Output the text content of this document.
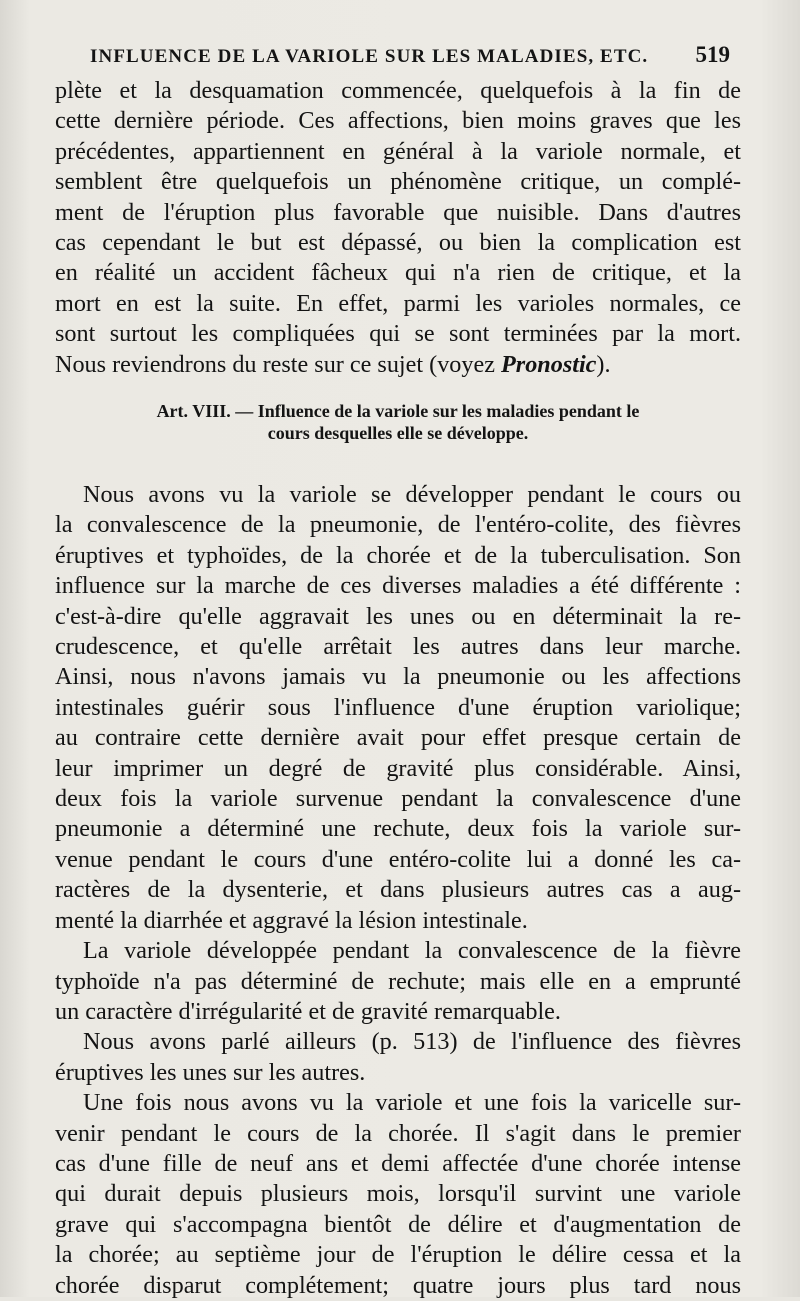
INFLUENCE DE LA VARIOLE SUR LES MALADIES, ETC. 519
plète et la desquamation commencée, quelquefois à la fin de
cette dernière période. Ces affections, bien moins graves que les
précédentes, appartiennent en général à la variole normale, et
semblent être quelquefois un phénomène critique, un complé-
ment de l'éruption plus favorable que nuisible. Dans d'autres
cas cependant le but est dépassé, ou bien la complication est
en réalité un accident fâcheux qui n'a rien de critique, et la
mort en est la suite. En effet, parmi les varioles normales, ce
sont surtout les compliquées qui se sont terminées par la mort.
Nous reviendrons du reste sur ce sujet (voyez Pronostic).
Art. VIII. — Influence de la variole sur les maladies pendant le
cours desquelles elle se développe.
Nous avons vu la variole se développer pendant le cours ou
la convalescence de la pneumonie, de l'entéro-colite, des fièvres
éruptives et typhoïdes, de la chorée et de la tuberculisation. Son
influence sur la marche de ces diverses maladies a été différente :
c'est-à-dire qu'elle aggravait les unes ou en déterminait la re-
crudescence, et qu'elle arrêtait les autres dans leur marche.
Ainsi, nous n'avons jamais vu la pneumonie ou les affections
intestinales guérir sous l'influence d'une éruption variolique;
au contraire cette dernière avait pour effet presque certain de
leur imprimer un degré de gravité plus considérable. Ainsi,
deux fois la variole survenue pendant la convalescence d'une
pneumonie a déterminé une rechute, deux fois la variole sur-
venue pendant le cours d'une entéro-colite lui a donné les ca-
ractères de la dysenterie, et dans plusieurs autres cas a aug-
menté la diarrhée et aggravé la lésion intestinale.
La variole développée pendant la convalescence de la fièvre
typhoïde n'a pas déterminé de rechute; mais elle en a emprunté
un caractère d'irrégularité et de gravité remarquable.
Nous avons parlé ailleurs (p. 513) de l'influence des fièvres
éruptives les unes sur les autres.
Une fois nous avons vu la variole et une fois la varicelle sur-
venir pendant le cours de la chorée. Il s'agit dans le premier
cas d'une fille de neuf ans et demi affectée d'une chorée intense
qui durait depuis plusieurs mois, lorsqu'il survint une variole
grave qui s'accompagna bientôt de délire et d'augmentation de
la chorée; au septième jour de l'éruption le délire cessa et la
chorée disparut complétement; quatre jours plus tard nous
